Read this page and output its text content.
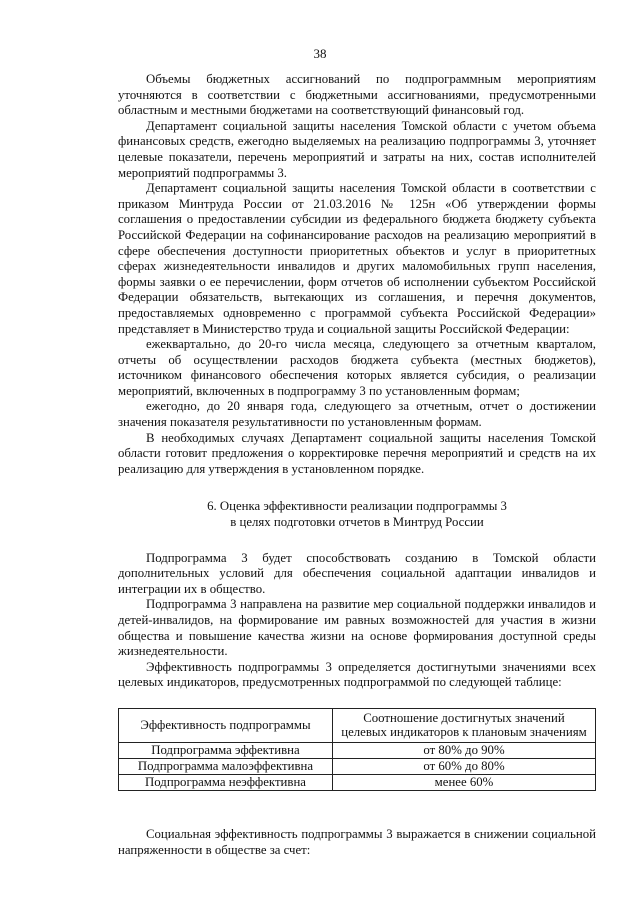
38

Объемы бюджетных ассигнований по подпрограммным мероприятиям уточняются в соответствии с бюджетными ассигнованиями, предусмотренными областным и местными бюджетами на соответствующий финансовый год.

Департамент социальной защиты населения Томской области с учетом объема финансовых средств, ежегодно выделяемых на реализацию подпрограммы 3, уточняет целевые показатели, перечень мероприятий и затраты на них, состав исполнителей мероприятий подпрограммы 3.

Департамент социальной защиты населения Томской области в соответствии с приказом Минтруда России от 21.03.2016 № 125н «Об утверждении формы соглашения о предоставлении субсидии из федерального бюджета бюджету субъекта Российской Федерации на софинансирование расходов на реализацию мероприятий в сфере обеспечения доступности приоритетных объектов и услуг в приоритетных сферах жизнедеятельности инвалидов и других маломобильных групп населения, формы заявки о ее перечислении, форм отчетов об исполнении субъектом Российской Федерации обязательств, вытекающих из соглашения, и перечня документов, предоставляемых одновременно с программой субъекта Российской Федерации» представляет в Министерство труда и социальной защиты Российской Федерации:

ежеквартально, до 20-го числа месяца, следующего за отчетным кварталом, отчеты об осуществлении расходов бюджета субъекта (местных бюджетов), источником финансового обеспечения которых является субсидия, о реализации мероприятий, включенных в подпрограмму 3 по установленным формам;

ежегодно, до 20 января года, следующего за отчетным, отчет о достижении значения показателя результативности по установленным формам.

В необходимых случаях Департамент социальной защиты населения Томской области готовит предложения о корректировке перечня мероприятий и средств на их реализацию для утверждения в установленном порядке.

6. Оценка эффективности реализации подпрограммы 3
в целях подготовки отчетов в Минтруд России

Подпрограмма 3 будет способствовать созданию в Томской области дополнительных условий для обеспечения социальной адаптации инвалидов и интеграции их в общество.

Подпрограмма 3 направлена на развитие мер социальной поддержки инвалидов и детей-инвалидов, на формирование им равных возможностей для участия в жизни общества и повышение качества жизни на основе формирования доступной среды жизнедеятельности.

Эффективность подпрограммы 3 определяется достигнутыми значениями всех целевых индикаторов, предусмотренных подпрограммой по следующей таблице:

Эффективность подпрограммы	Соотношение достигнутых значений
целевых индикаторов к плановым значениям

Подпрограмма эффективна	от 80% до 90%
Подпрограмма малоэффективна	от 60% до 80%
Подпрограмма неэффективна	менее 60%

Социальная эффективность подпрограммы 3 выражается в снижении социальной напряженности в обществе за счет:
